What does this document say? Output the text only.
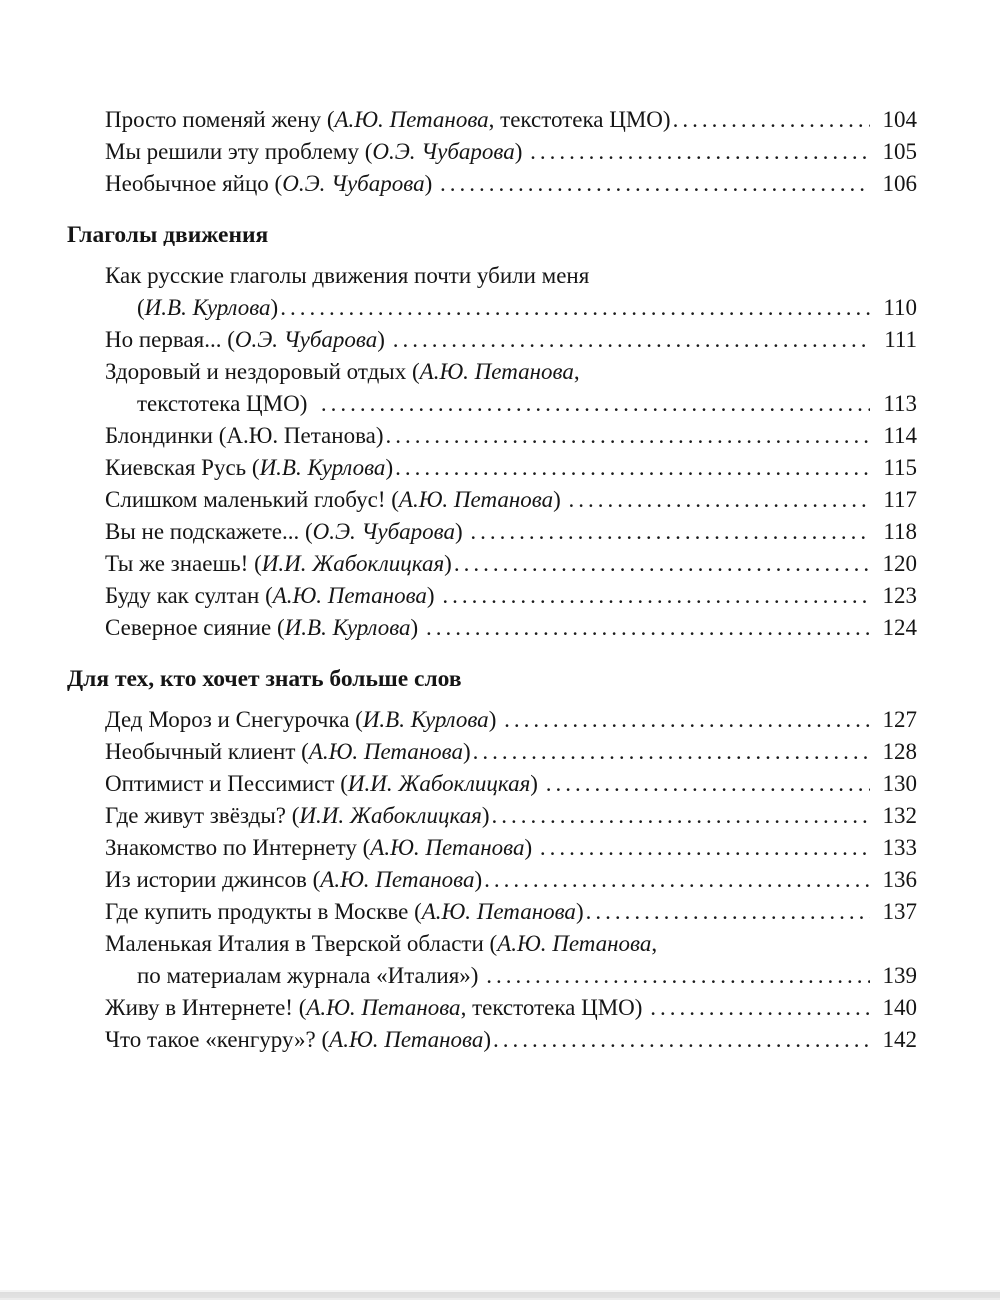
Просто поменяй жену (А.Ю. Петанова, текстотека ЦМО) .....	104
Мы решили эту проблему (О.Э. Чубарова) .....	105
Необычное яйцо (О.Э. Чубарова) .....	106
Глаголы движения
Как русские глаголы движения почти убили меня
(И.В. Курлова) .....	110
Но первая... (О.Э. Чубарова) .....	111
Здоровый и нездоровый отдых (А.Ю. Петанова,
текстотека ЦМО) .....	113
Блондинки (А.Ю. Петанова) .....	114
Киевская Русь (И.В. Курлова) .....	115
Слишком маленький глобус! (А.Ю. Петанова) .....	117
Вы не подскажете... (О.Э. Чубарова) .....	118
Ты же знаешь! (И.И. Жабоклицкая) .....	120
Буду как султан (А.Ю. Петанова) .....	123
Северное сияние (И.В. Курлова) .....	124
Для тех, кто хочет знать больше слов
Дед Мороз и Снегурочка (И.В. Курлова) .....	127
Необычный клиент (А.Ю. Петанова) .....	128
Оптимист и Пессимист (И.И. Жабоклицкая) .....	130
Где живут звёзды? (И.И. Жабоклицкая) .....	132
Знакомство по Интернету (А.Ю. Петанова) .....	133
Из истории джинсов (А.Ю. Петанова) .....	136
Где купить продукты в Москве (А.Ю. Петанова) .....	137
Маленькая Италия в Тверской области (А.Ю. Петанова,
по материалам журнала «Италия») .....	139
Живу в Интернете! (А.Ю. Петанова, текстотека ЦМО) .....	140
Что такое «кенгуру»? (А.Ю. Петанова) .....	142
